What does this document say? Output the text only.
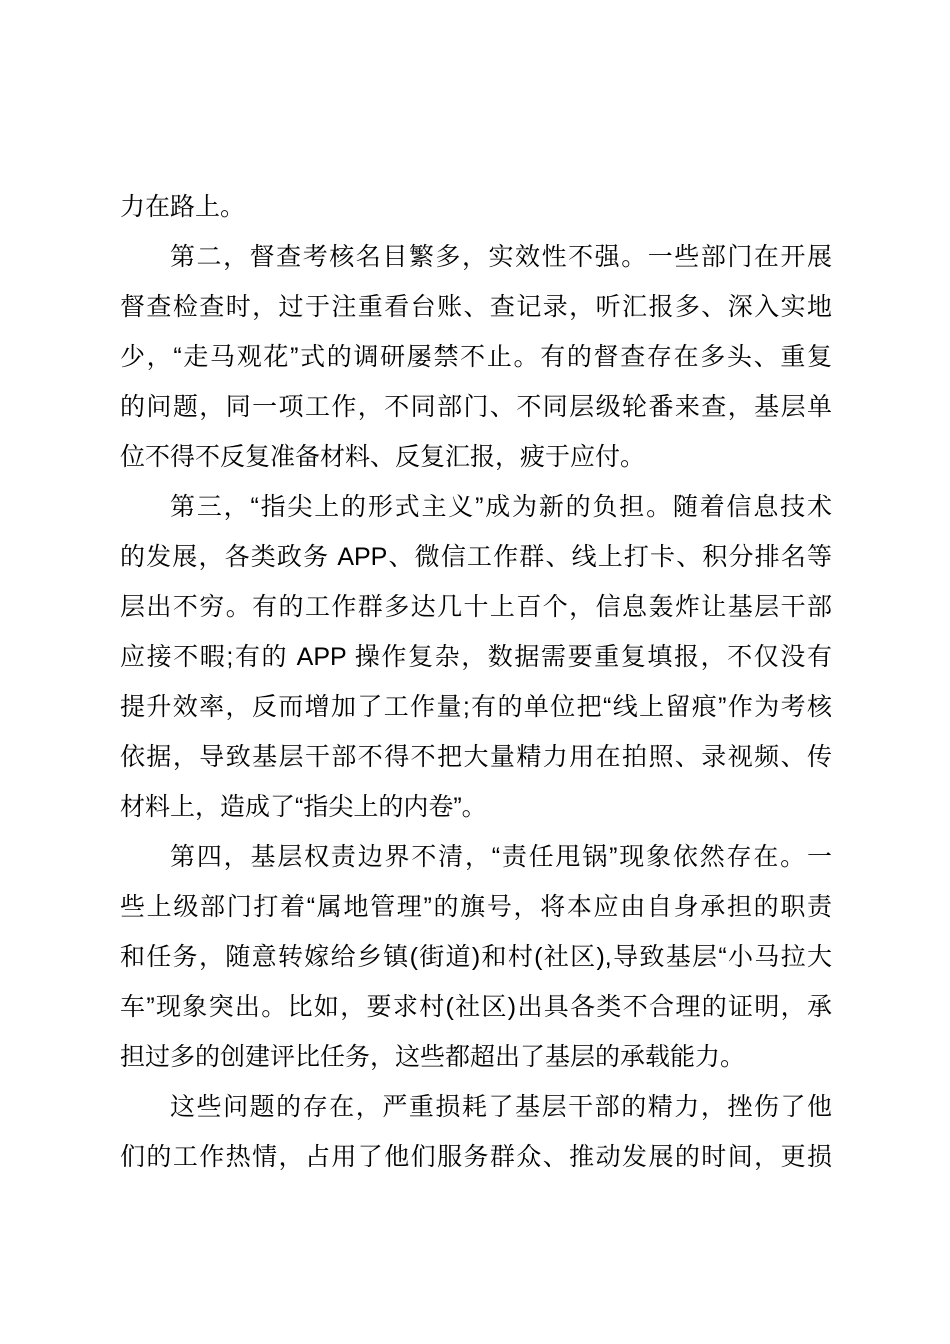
力在路上。
第二，督查考核名目繁多，实效性不强。一些部门在开展
督查检查时，过于注重看台账、查记录，听汇报多、深入实地
少，“走马观花”式的调研屡禁不止。有的督查存在多头、重复
的问题，同一项工作，不同部门、不同层级轮番来查，基层单
位不得不反复准备材料、反复汇报，疲于应付。
第三，“指尖上的形式主义”成为新的负担。随着信息技术
的发展，各类政务 APP、微信工作群、线上打卡、积分排名等
层出不穷。有的工作群多达几十上百个，信息轰炸让基层干部
应接不暇;有的 APP 操作复杂，数据需要重复填报，不仅没有
提升效率，反而增加了工作量;有的单位把“线上留痕”作为考核
依据，导致基层干部不得不把大量精力用在拍照、录视频、传
材料上，造成了“指尖上的内卷”。
第四，基层权责边界不清，“责任甩锅”现象依然存在。一
些上级部门打着“属地管理”的旗号，将本应由自身承担的职责
和任务，随意转嫁给乡镇(街道)和村(社区),导致基层“小马拉大
车”现象突出。比如，要求村(社区)出具各类不合理的证明，承
担过多的创建评比任务，这些都超出了基层的承载能力。
这些问题的存在，严重损耗了基层干部的精力，挫伤了他
们的工作热情，占用了他们服务群众、推动发展的时间，更损
